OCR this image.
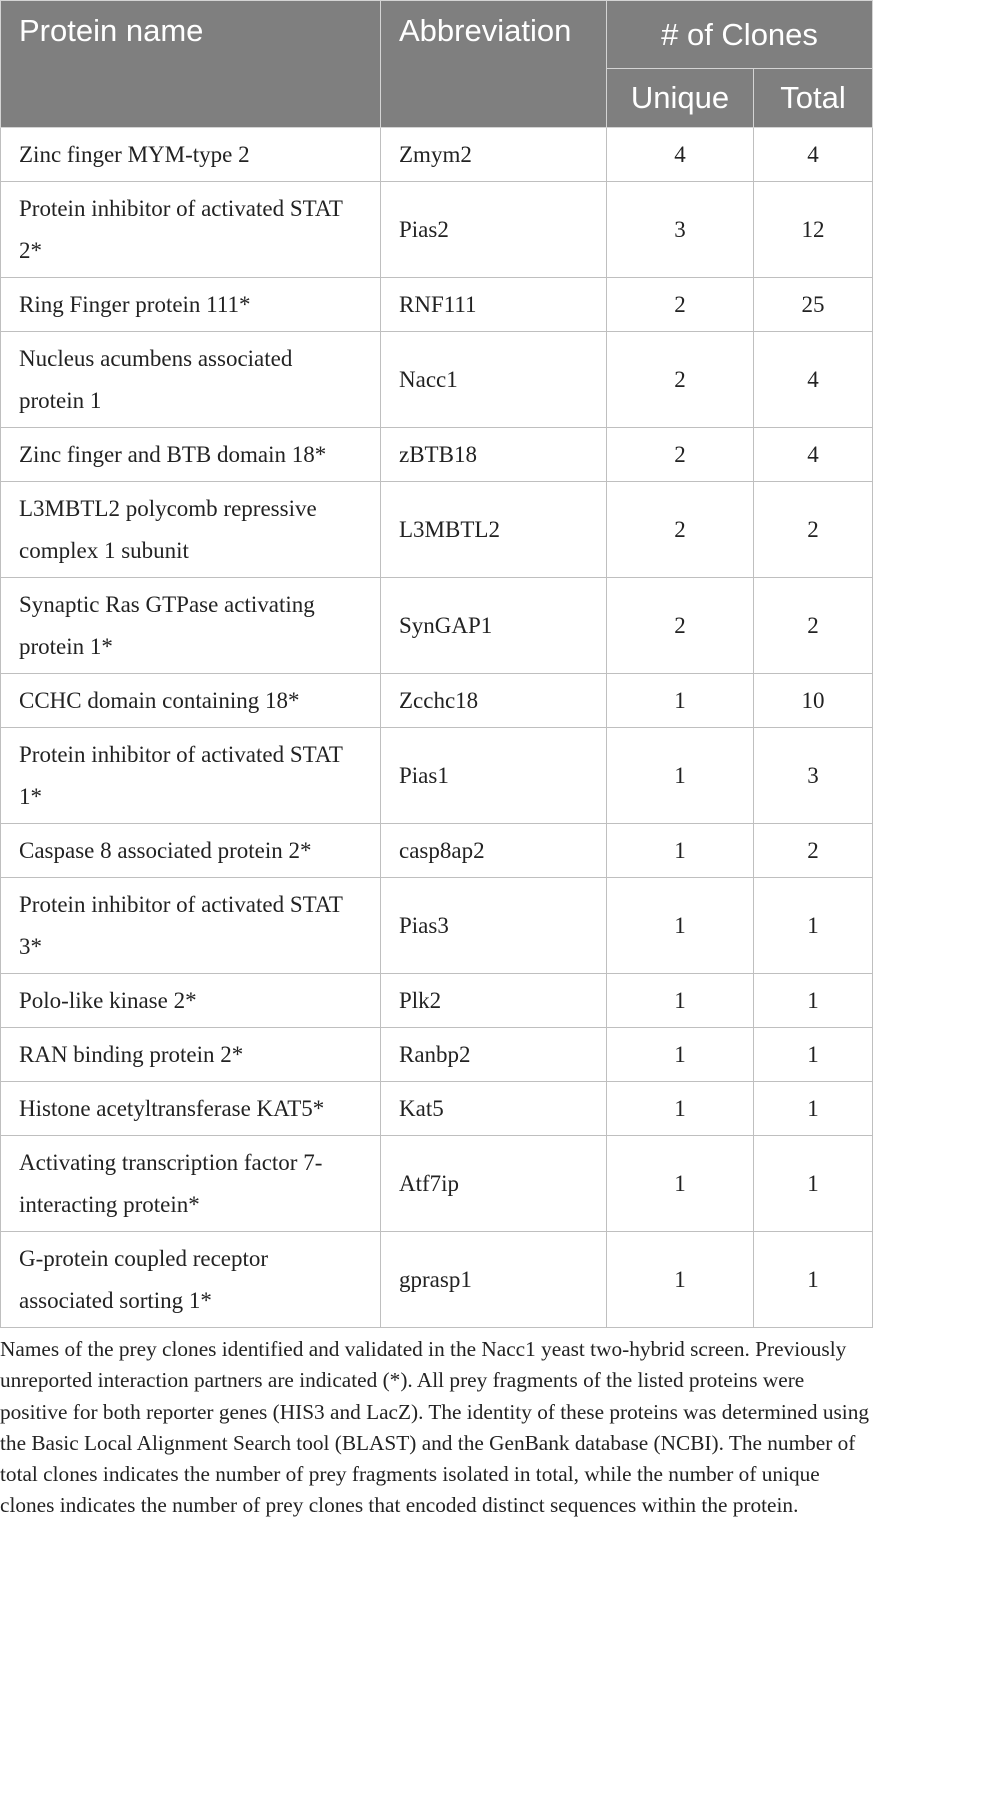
Protein name	Abbreviation	# of Clones	
		Unique	Total
Zinc finger MYM-type 2	Zmym2	4	4
Protein inhibitor of activated STAT 2*	Pias2	3	12
Ring Finger protein 111*	RNF111	2	25
Nucleus acumbens associated protein 1	Nacc1	2	4
Zinc finger and BTB domain 18*	zBTB18	2	4
L3MBTL2 polycomb repressive complex 1 subunit	L3MBTL2	2	2
Synaptic Ras GTPase activating protein 1*	SynGAP1	2	2
CCHC domain containing 18*	Zcchc18	1	10
Protein inhibitor of activated STAT 1*	Pias1	1	3
Caspase 8 associated protein 2*	casp8ap2	1	2
Protein inhibitor of activated STAT 3*	Pias3	1	1
Polo-like kinase 2*	Plk2	1	1
RAN binding protein 2*	Ranbp2	1	1
Histone acetyltransferase KAT5*	Kat5	1	1
Activating transcription factor 7-interacting protein*	Atf7ip	1	1
G-protein coupled receptor associated sorting 1*	gprasp1	1	1
Names of the prey clones identified and validated in the Nacc1 yeast two-hybrid screen. Previously unreported interaction partners are indicated (*). All prey fragments of the listed proteins were positive for both reporter genes (HIS3 and LacZ). The identity of these proteins was determined using the Basic Local Alignment Search tool (BLAST) and the GenBank database (NCBI). The number of total clones indicates the number of prey fragments isolated in total, while the number of unique clones indicates the number of prey clones that encoded distinct sequences within the protein.
